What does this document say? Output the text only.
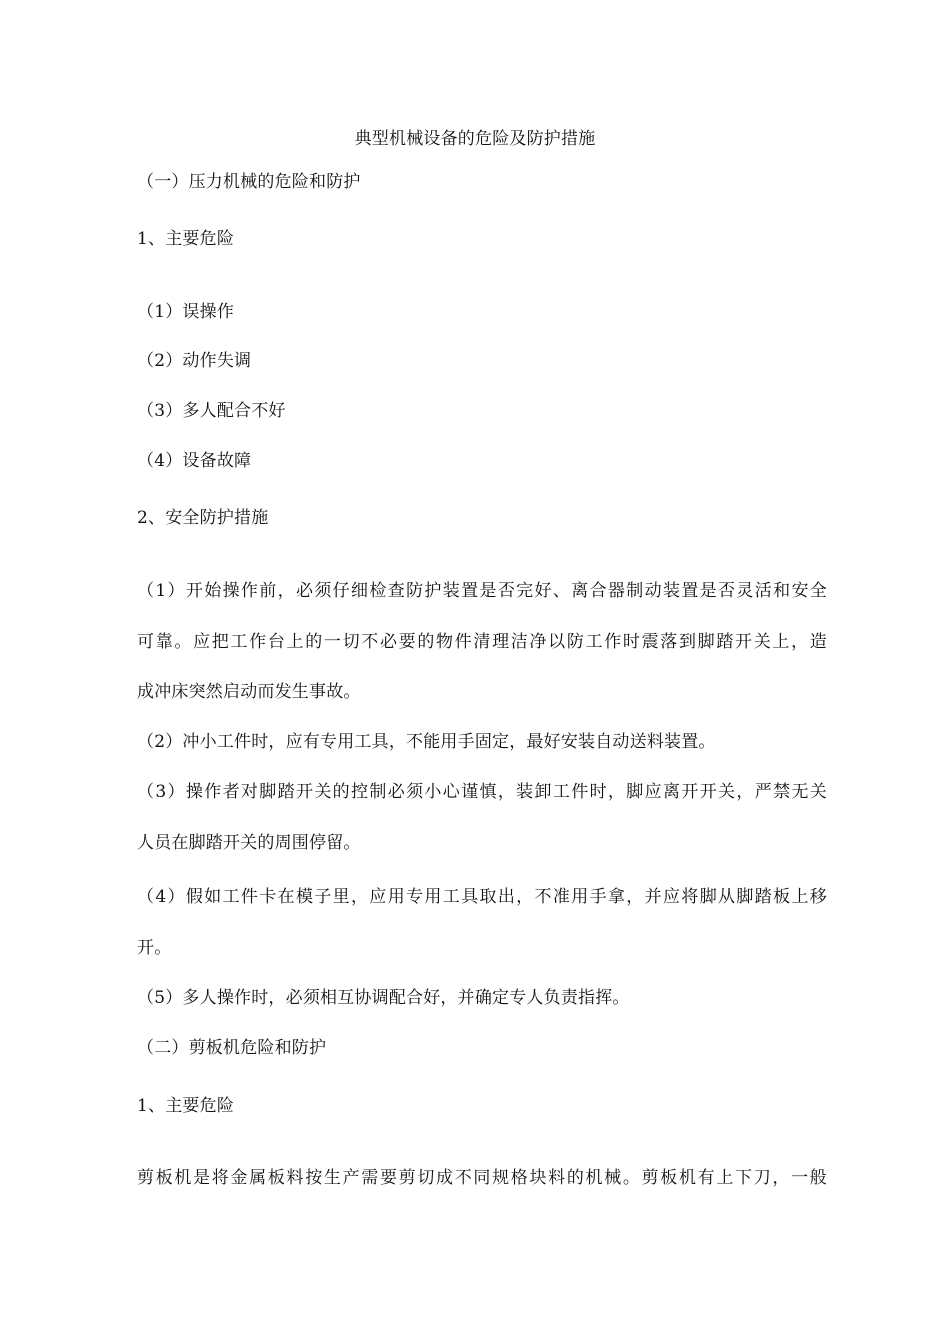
典型机械设备的危险及防护措施
（一）压力机械的危险和防护
1、主要危险
（1）误操作
（2）动作失调
（3）多人配合不好
（4）设备故障
2、安全防护措施
（1）开始操作前，必须仔细检查防护装置是否完好、离合器制动装置是否灵活和安全
可靠。应把工作台上的一切不必要的物件清理洁净以防工作时震落到脚踏开关上，造
成冲床突然启动而发生事故。
（2）冲小工件时，应有专用工具，不能用手固定，最好安装自动送料装置。
（3）操作者对脚踏开关的控制必须小心谨慎，装卸工件时，脚应离开开关，严禁无关
人员在脚踏开关的周围停留。
（4）假如工件卡在模子里，应用专用工具取出，不准用手拿，并应将脚从脚踏板上移
开。
（5）多人操作时，必须相互协调配合好，并确定专人负责指挥。
（二）剪板机危险和防护
1、主要危险
剪板机是将金属板料按生产需要剪切成不同规格块料的机械。剪板机有上下刀，一般
